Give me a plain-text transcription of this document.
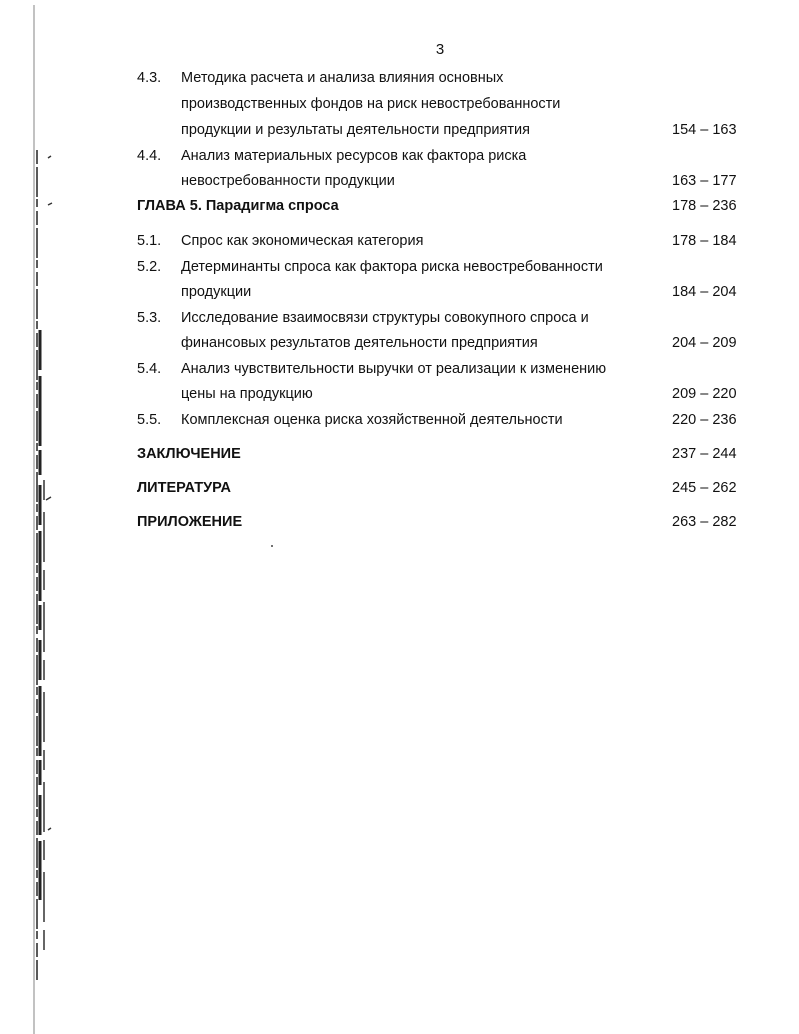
3
4.3. Методика расчета и анализа влияния основных
производственных фондов на риск невостребованности
продукции и результаты деятельности предприятия	154 – 163
4.4. Анализ материальных ресурсов как фактора риска
невостребованности продукции	163 – 177
ГЛАВА 5. Парадигма спроса	178 – 236
5.1. Спрос как экономическая категория	178 – 184
5.2. Детерминанты спроса как фактора риска невостребованности
продукции	184 – 204
5.3. Исследование взаимосвязи структуры совокупного спроса и
финансовых результатов деятельности предприятия	204 – 209
5.4. Анализ чувствительности выручки от реализации к изменению
цены на продукцию	209 – 220
5.5. Комплексная оценка риска хозяйственной деятельности	220 – 236
ЗАКЛЮЧЕНИЕ	237 – 244
ЛИТЕРАТУРА	245 – 262
ПРИЛОЖЕНИЕ	263 – 282
